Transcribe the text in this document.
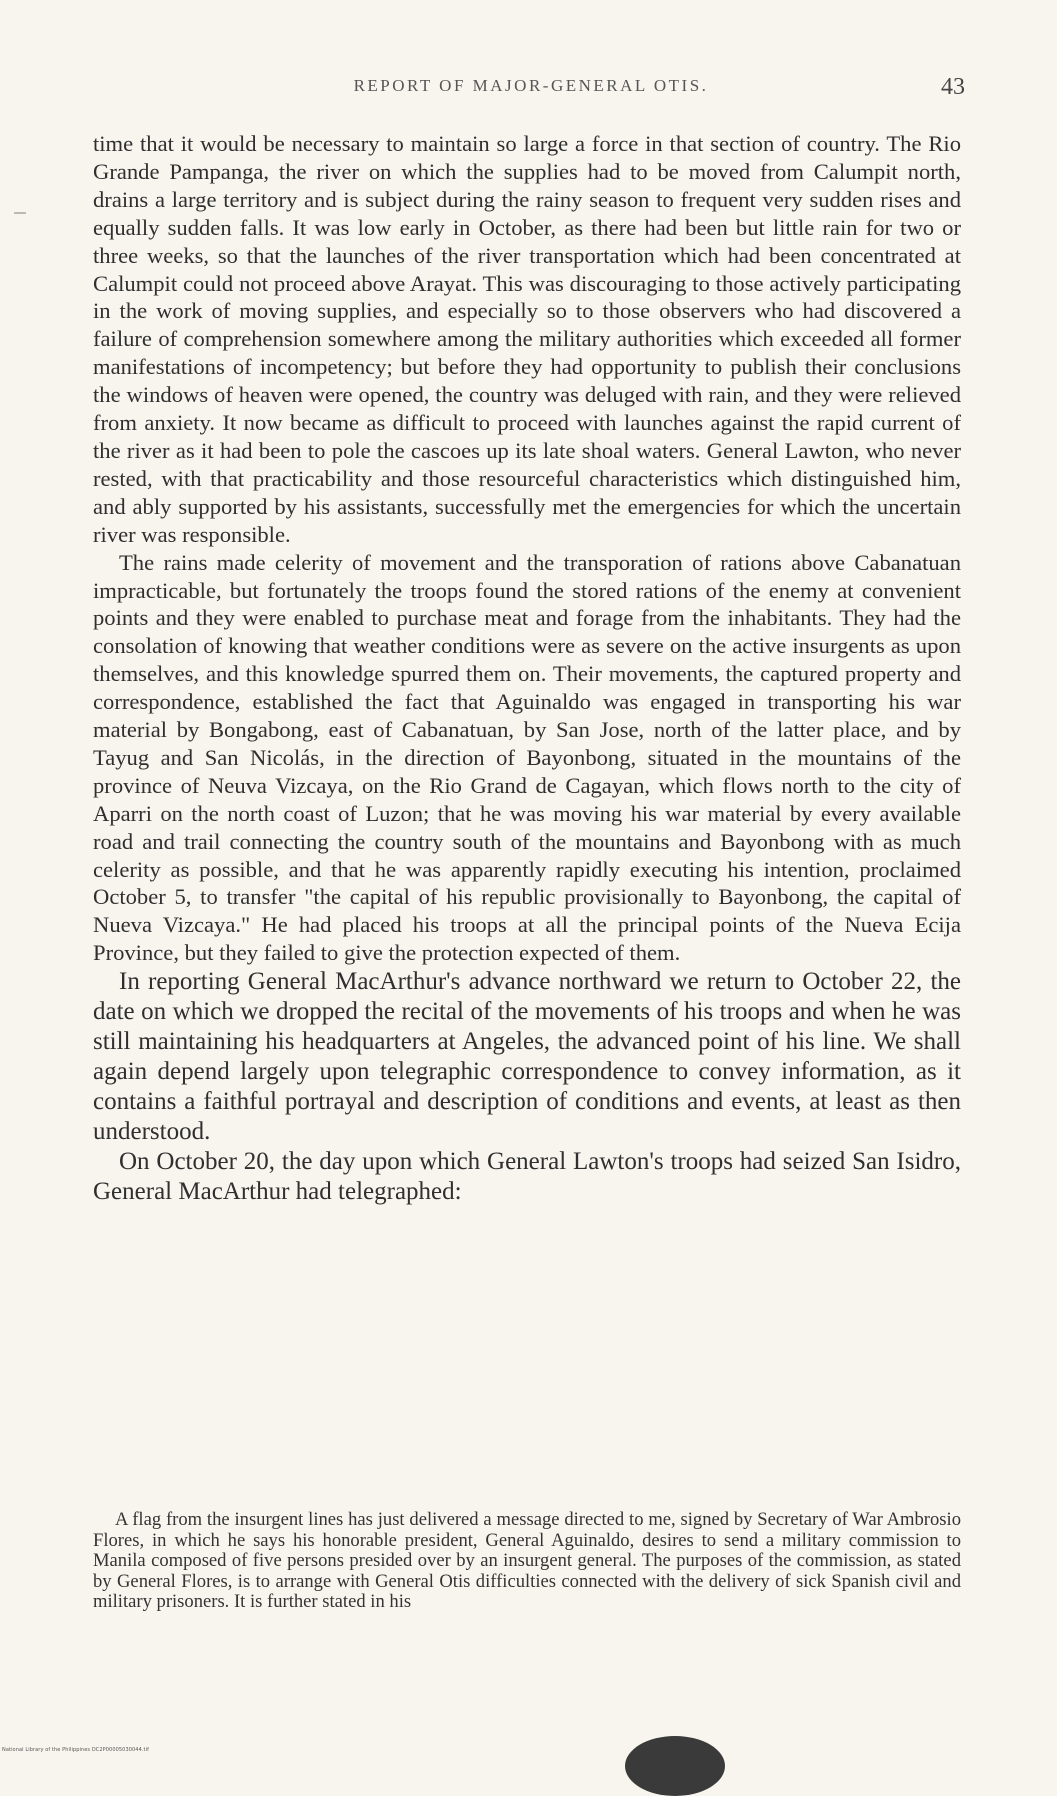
REPORT OF MAJOR-GENERAL OTIS.	43

time that it would be necessary to maintain so large a force in that section of country. The Rio Grande Pampanga, the river on which the supplies had to be moved from Calumpit north, drains a large territory and is subject during the rainy season to frequent very sudden rises and equally sudden falls. It was low early in October, as there had been but little rain for two or three weeks, so that the launches of the river transportation which had been concentrated at Calumpit could not proceed above Arayat. This was discouraging to those actively participating in the work of moving supplies, and especially so to those observers who had discovered a failure of comprehension somewhere among the military authorities which exceeded all former manifestations of incompetency; but before they had opportunity to publish their conclusions the windows of heaven were opened, the country was deluged with rain, and they were relieved from anxiety. It now became as difficult to proceed with launches against the rapid current of the river as it had been to pole the cascoes up its late shoal waters. General Lawton, who never rested, with that practicability and those resourceful characteristics which distinguished him, and ably supported by his assistants, successfully met the emergencies for which the uncertain river was responsible.

The rains made celerity of movement and the transporation of rations above Cabanatuan impracticable, but fortunately the troops found the stored rations of the enemy at convenient points and they were enabled to purchase meat and forage from the inhabitants. They had the consolation of knowing that weather conditions were as severe on the active insurgents as upon themselves, and this knowledge spurred them on. Their movements, the captured property and correspondence, established the fact that Aguinaldo was engaged in transporting his war material by Bongabong, east of Cabanatuan, by San Jose, north of the latter place, and by Tayug and San Nicolás, in the direction of Bayonbong, situated in the mountains of the province of Neuva Vizcaya, on the Rio Grand de Cagayan, which flows north to the city of Aparri on the north coast of Luzon; that he was moving his war material by every available road and trail connecting the country south of the mountains and Bayonbong with as much celerity as possible, and that he was apparently rapidly executing his intention, proclaimed October 5, to transfer "the capital of his republic provisionally to Bayonbong, the capital of Nueva Vizcaya." He had placed his troops at all the principal points of the Nueva Ecija Province, but they failed to give the protection expected of them.

In reporting General MacArthur's advance northward we return to October 22, the date on which we dropped the recital of the movements of his troops and when he was still maintaining his headquarters at Angeles, the advanced point of his line. We shall again depend largely upon telegraphic correspondence to convey information, as it contains a faithful portrayal and description of conditions and events, at least as then understood.

On October 20, the day upon which General Lawton's troops had seized San Isidro, General MacArthur had telegraphed:

A flag from the insurgent lines has just delivered a message directed to me, signed by Secretary of War Ambrosio Flores, in which he says his honorable president, General Aguinaldo, desires to send a military commission to Manila composed of five persons presided over by an insurgent general. The purposes of the commission, as stated by General Flores, is to arrange with General Otis difficulties connected with the delivery of sick Spanish civil and military prisoners. It is further stated in his
National Library of the Philippines DC2P00005030044.tif
